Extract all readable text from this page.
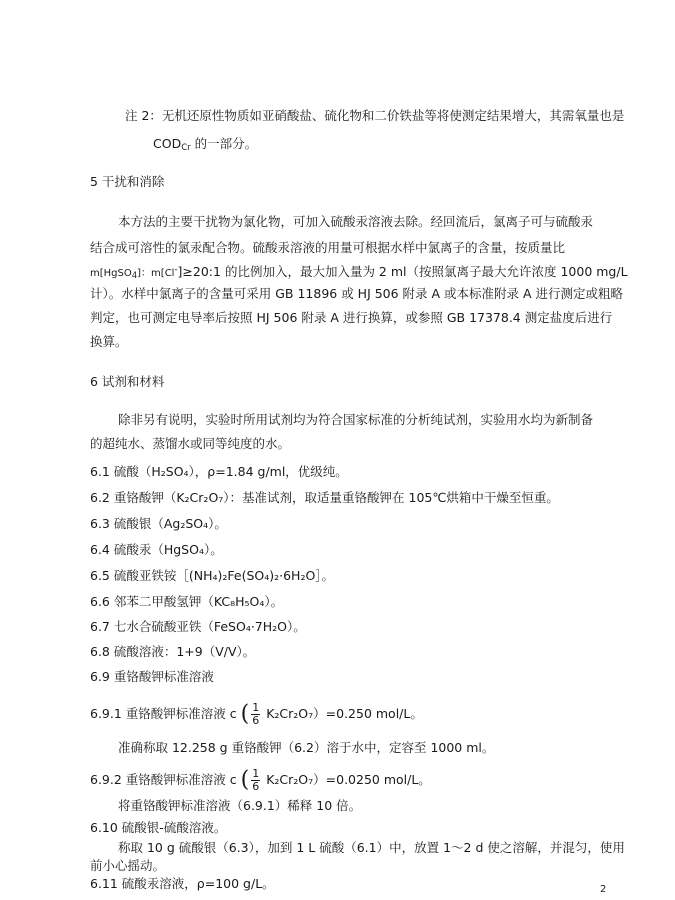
注 2：无机还原性物质如亚硝酸盐、硫化物和二价铁盐等将使测定结果增大，其需氧量也是
$COD_{Cr}$ 的一部分。
5 干扰和消除
本方法的主要干扰物为氯化物，可加入硫酸汞溶液去除。经回流后，氯离子可与硫酸汞
结合成可溶性的氯汞配合物。硫酸汞溶液的用量可根据水样中氯离子的含量，按质量比
m[HgSO$_4$]：m[Cl-]≥20:1 的比例加入，最大加入量为 2 ml（按照氯离子最大允许浓度 1000 mg/L
计）。水样中氯离子的含量可采用 GB 11896 或 HJ 506 附录 A 或本标准附录 A 进行测定或粗略
判定，也可测定电导率后按照 HJ 506 附录 A 进行换算，或参照 GB 17378.4 测定盐度后进行
换算。
6 试剂和材料
除非另有说明，实验时所用试剂均为符合国家标准的分析纯试剂，实验用水均为新制备
的超纯水、蒸馏水或同等纯度的水。
6.1 硫酸（H₂SO₄），ρ=1.84 g/ml，优级纯。
6.2 重铬酸钾（K₂Cr₂O₇）：基准试剂，取适量重铬酸钾在 105℃烘箱中干燥至恒重。
6.3 硫酸银（Ag₂SO₄）。
6.4 硫酸汞（HgSO₄）。
6.5 硫酸亚铁铵［(NH₄)₂Fe(SO₄)₂·6H₂O］。
6.6 邻苯二甲酸氢钾（KC₈H₅O₄）。
6.7 七水合硫酸亚铁（FeSO₄·7H₂O）。
6.8 硫酸溶液：1+9（V/V）。
6.9 重铬酸钾标准溶液
6.9.1 重铬酸钾标准溶液 c ( $\frac{1}{6} K_2Cr_2O_7)=0.250$ mol/L。
准确称取 12.258 g 重铬酸钾（6.2）溶于水中，定容至 1000 ml。
6.9.2 重铬酸钾标准溶液 c ( $\frac{1}{6} K_2Cr_2O_7)=0.0250$ mol/L。
将重铬酸钾标准溶液（6.9.1）稀释 10 倍。
6.10 硫酸银-硫酸溶液。
称取 10 g 硫酸银（6.3），加到 1 L 硫酸（6.1）中，放置 1～2 d 使之溶解，并混匀，使用
前小心摇动。
6.11 硫酸汞溶液，ρ=100 g/L。	2
